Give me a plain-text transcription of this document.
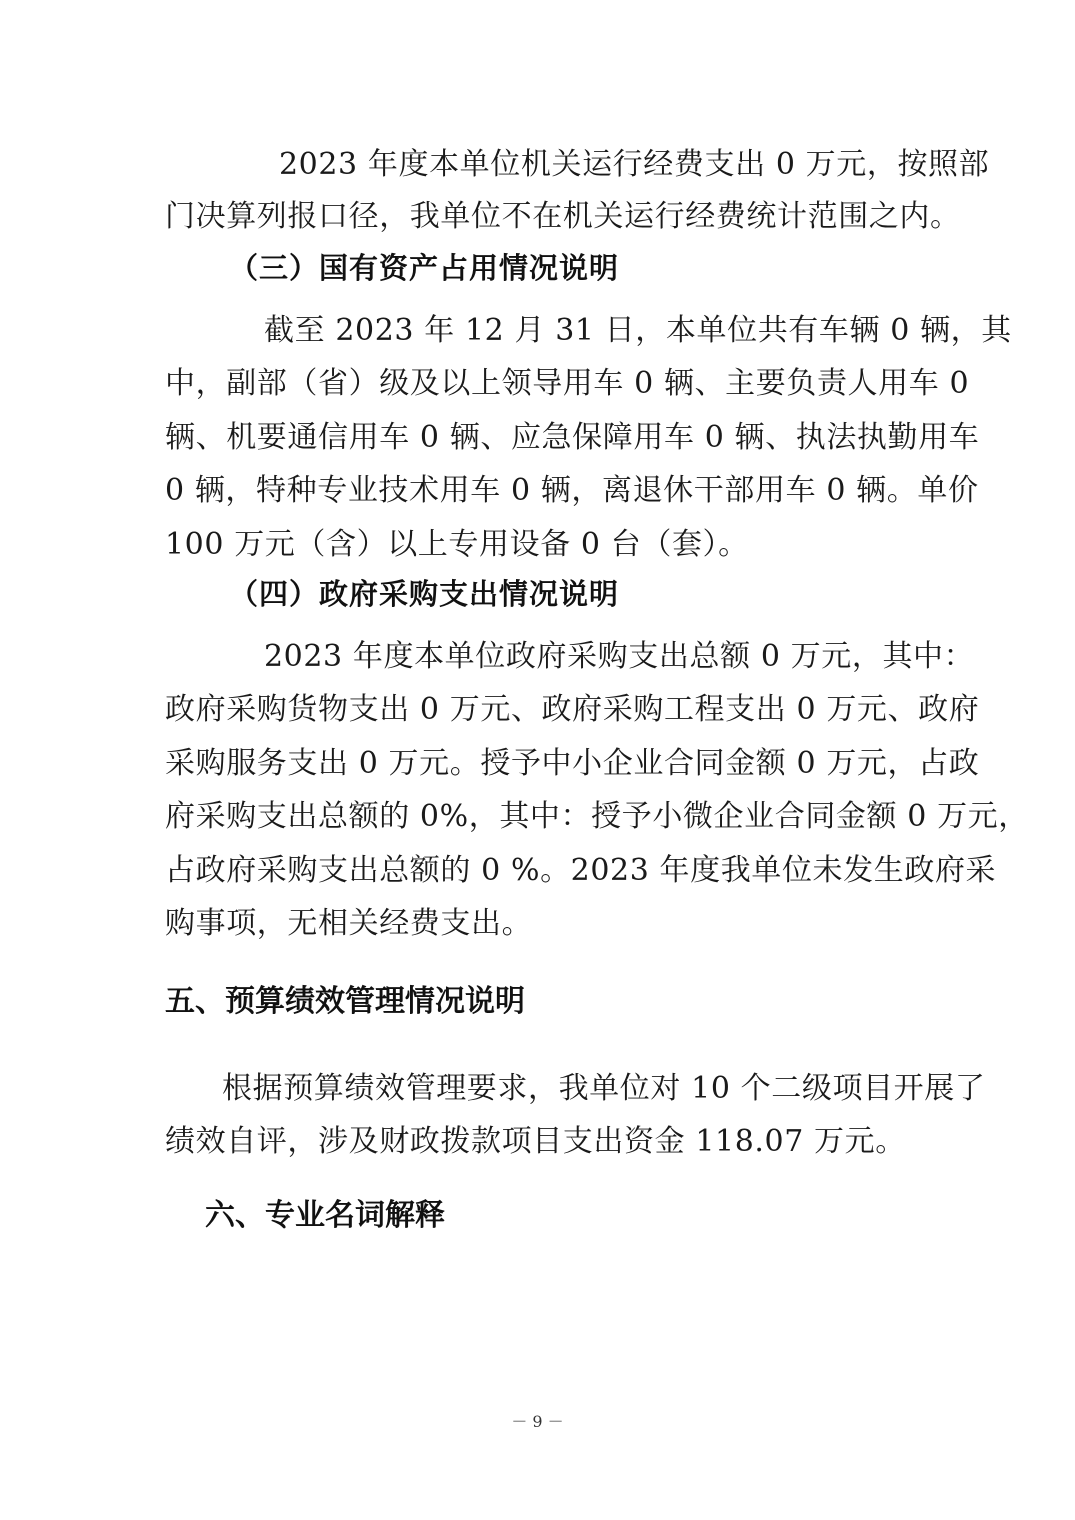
2023 年度本单位机关运行经费支出 0 万元，按照部
门决算列报口径，我单位不在机关运行经费统计范围之内。
（三）国有资产占用情况说明
截至 2023 年 12 月 31 日，本单位共有车辆 0 辆，其
中，副部（省）级及以上领导用车 0 辆、主要负责人用车 0
辆、机要通信用车 0 辆、应急保障用车 0 辆、执法执勤用车
0 辆，特种专业技术用车 0 辆，离退休干部用车 0 辆。单价
100 万元（含）以上专用设备 0 台（套）。
（四）政府采购支出情况说明
2023 年度本单位政府采购支出总额 0 万元，其中：
政府采购货物支出 0 万元、政府采购工程支出 0 万元、政府
采购服务支出 0 万元。授予中小企业合同金额 0 万元，占政
府采购支出总额的 0%，其中：授予小微企业合同金额 0 万元，
占政府采购支出总额的 0 %。2023 年度我单位未发生政府采
购事项，无相关经费支出。
五、预算绩效管理情况说明
根据预算绩效管理要求，我单位对 10 个二级项目开展了
绩效自评，涉及财政拨款项目支出资金 118.07 万元。
六、专业名词解释
－ 9 －
